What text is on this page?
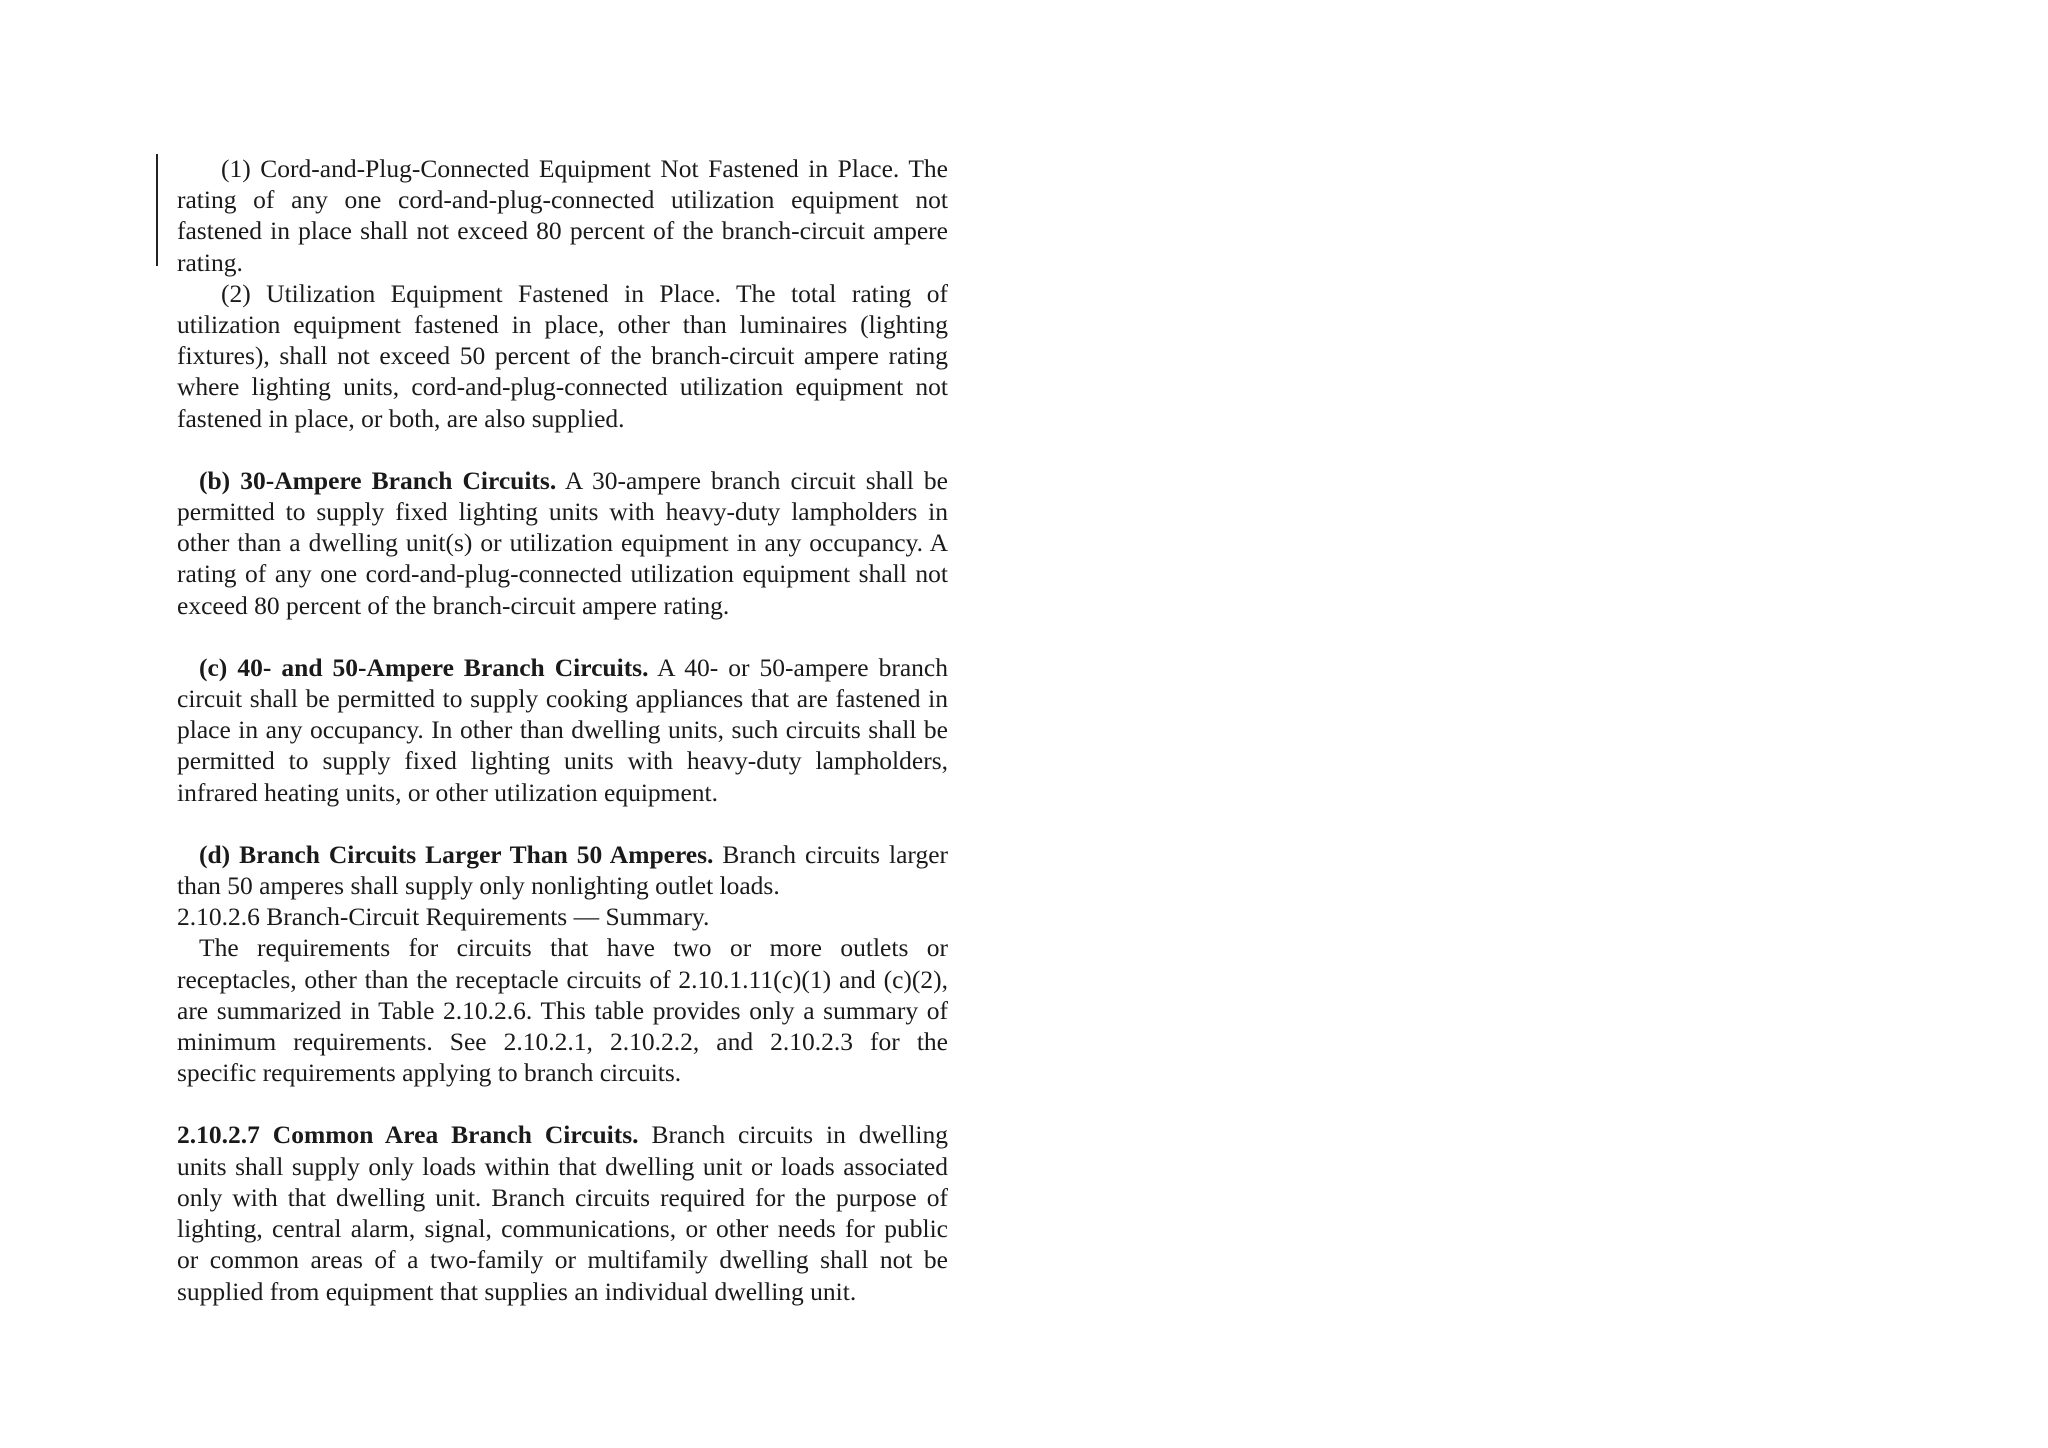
(1) Cord-and-Plug-Connected Equipment Not Fastened in Place. The rating of any one cord-and-plug-connected utilization equipment not fastened in place shall not exceed 80 percent of the branch-circuit ampere rating.

(2) Utilization Equipment Fastened in Place. The total rating of utilization equipment fastened in place, other than luminaires (lighting fixtures), shall not exceed 50 percent of the branch-circuit ampere rating where lighting units, cord-and-plug-connected utilization equipment not fastened in place, or both, are also supplied.

(b) 30-Ampere Branch Circuits. A 30-ampere branch circuit shall be permitted to supply fixed lighting units with heavy-duty lampholders in other than a dwelling unit(s) or utilization equipment in any occupancy. A rating of any one cord-and-plug-connected utilization equipment shall not exceed 80 percent of the branch-circuit ampere rating.

(c) 40- and 50-Ampere Branch Circuits. A 40- or 50-ampere branch circuit shall be permitted to supply cooking appliances that are fastened in place in any occupancy. In other than dwelling units, such circuits shall be permitted to supply fixed lighting units with heavy-duty lampholders, infrared heating units, or other utilization equipment.

(d) Branch Circuits Larger Than 50 Amperes. Branch circuits larger than 50 amperes shall supply only nonlighting outlet loads.

2.10.2.6 Branch-Circuit Requirements — Summary.

The requirements for circuits that have two or more outlets or receptacles, other than the receptacle circuits of 2.10.1.11(c)(1) and (c)(2), are summarized in Table 2.10.2.6. This table provides only a summary of minimum requirements. See 2.10.2.1, 2.10.2.2, and 2.10.2.3 for the specific requirements applying to branch circuits.

2.10.2.7 Common Area Branch Circuits. Branch circuits in dwelling units shall supply only loads within that dwelling unit or loads associated only with that dwelling unit. Branch circuits required for the purpose of lighting, central alarm, signal, communications, or other needs for public or common areas of a two-family or multifamily dwelling shall not be supplied from equipment that supplies an individual dwelling unit.
